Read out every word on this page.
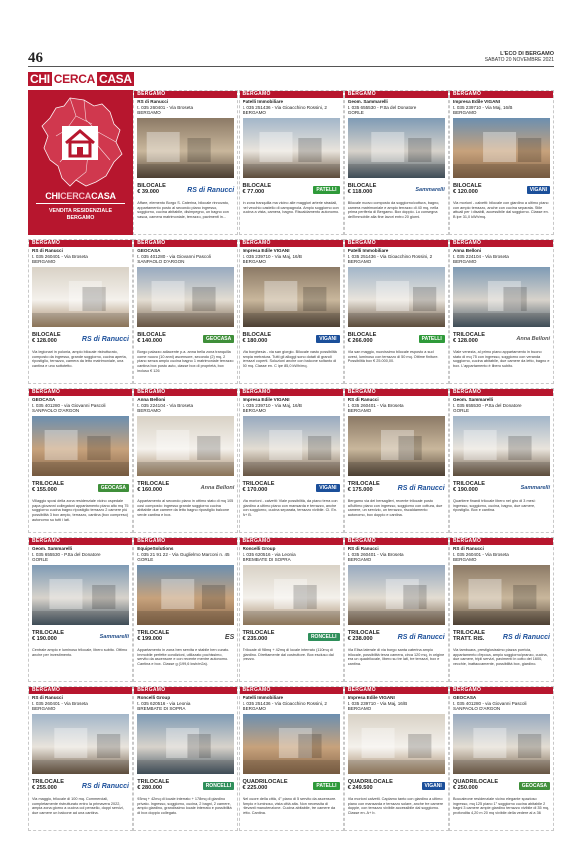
46	L'ECO DI BERGAMO
SABATO 20 NOVEMBRE 2021
CHI CERCA CASA
CHICERCACASA
VENDITA RESIDENZIALE
BERGAMO
BERGAMO
RS di Ranucci
t. 035 260401 - Via Broseta
BERGAMO
BILOCALE
€ 39.000	RS di Ranucci
Affare, elemento Borgo S. Caterina, bilocale rinnovato, appartamento posto al secondo piano ingresso, soggiorno, cucina abitabile, disimpegno, un bagno con vasca, camera matrimoniale, terrazzo, pavimenti in...
BERGAMO
Patelli Immobiliare
t. 035 251436 - Via Gioacchino Rossini, 2
BERGAMO
BILOCALE
€ 77.000	PATELLI
In zona tranquilla ma vicino alle maggiori arterie stradali, nel vecchio castello di campagnola. Ampio soggiorno con cucina a vista, camera, bagno. Riscaldamento autonomo.
BERGAMO
Geom. Sammarelli
t. 035 655530 - P.tta del Donatore
GORLE
BILOCALE
€ 118.000	Sammarelli
Bilocale nuovo composto da soggiorno/cottura, bagno, camera matrimoniale e ampio terrazzo di 40 mq, nella prima periferia di Bergamo. Box doppio. Lo consegna dell'immobile alla fine lavori entro 20 giorni.
BERGAMO
Impresa Edile VIGANI
t. 035 239710 - Via Maj, 16/B
BERGAMO
BILOCALE
€ 120.000	VIGANI
Via morioni - calvetti: bilocale con giardino a ultimo piano con ampio terrazzo, anche con cucina separata. Stile attuali per i disabili, accessibile dal soggiorno. Classe en. B ipe 31,0 kWh/mq.
BERGAMO
RS di Ranucci
t. 035 260401 - Via Broseta
BERGAMO
BILOCALE
€ 128.000	RS di Ranucci
Via legionari in polonia, ampio bilocale ristrutturato, composto da ingresso, grande soggiorno, cucina aperta, ripostiglio, terrazzo, camera da letto matrimoniale, una cantina e uno sottotetto.
BERGAMO
GEOCASA
t. 035 401280 - via Giovanni Pascoli
SANPAOLO D'ARGON
BILOCALE
€ 140.000	GEOCASA
Borgo palazzo adiacente p.a. anna bella zona tranquilla come nuovo (10 anni) ascensore, secondo (2) mq, 2 piano senza ampio cucina bagno 1 matrimoniale terrazzo cantina box posto auto, classe box di proprietà, box incluso € 126
BERGAMO
Impresa Edile VIGANI
t. 035 239710 - Via Maj, 16/B
BERGAMO
BILOCALE
€ 180.000	VIGANI
Via borghesia - via san giorgio. Bilocale vasto possibilità ampia metratura. Tutti gli alloggi sono dotati di grandi terrazzi coperti. Soluzioni anche con balcone soltanto di 50 mq. Classe en. C ipe 85,0 kWh/mq.
BERGAMO
Patelli Immobiliare
t. 035 251436 - Via Gioacchino Rossini, 2
BERGAMO
BILOCALE
€ 266.000	PATELLI
Via san maggio, nuovissimo bilocale esposto a sud ovest, luminoso con terrazzo di 50 mq. Ottime finiture. Possibilità box € 25.000,00.
BERGAMO
Anna Belloni
t. 035 224104 - Via Broseta
BERGAMO
TRILOCALE
€ 128.000	Anna Belloni
Viale venezia, al primo piano appartamento in buono stato di mq 75 con ingresso, soggiorno con veranda soggiorno, cucina abitabile, due camere da letto, bagno e box. L'appartamento è libero subito.
BERGAMO
GEOCASA
t. 035 401280 - via Giovanni Pascoli
SANPAOLO D'ARGON
TRILOCALE
€ 155.000	GEOCASA
Villaggio sposi della zona residenziale vicino ospedale papa giovanni collegatoni appartamento piano alto mq 75 soggiorno cucina bagno ripostiglio terrazzo 2 camere più possibilità 3 box ampio, terrazzo, cantina (box compreso) autonomo su tutti i lati.
BERGAMO
Anna Belloni
t. 035 224104 - Via Broseta
BERGAMO
TRILOCALE
€ 160.000	Anna Belloni
Appartamento al secondo piano in ottimo stato di mq 105 così composto: ingresso grande soggiorno cucina abitabile due camere da letto bagno ripostiglio balcone verde cantina e box.
BERGAMO
Impresa Edile VIGANI
t. 035 239710 - Via Maj, 16/B
BERGAMO
TRILOCALE
€ 170.000	VIGANI
Via morioni - calvetti: Viale possibilità, da piano terra con giardino a ultimo piano con mansarda e terrazzo, anche con soggiorno, cucina separata, terrazzo vivibile. Cl. En. A+ B.
BERGAMO
RS di Ranucci
t. 035 260401 - Via Broseta
BERGAMO
TRILOCALE
€ 175.000	RS di Ranucci
Bergamo via dei bersaglieri, recente trilocale posto all'ultimo piano con ingresso, soggiorno con cottura, due camere, un servizio, un terrazzo, riscaldamento autonomo, box doppio e cantina.
BERGAMO
Geom. Sammarelli
t. 035 655530 - P.tta del Donatore
GORLE
TRILOCALE
€ 190.000	Sammarelli
Quartiere finardi trilocale libero nel giro di 3 mesi: ingresso, soggiorno, cucina, bagno, due camere, ripostiglio. Box e cantina.
BERGAMO
Geom. Sammarelli
t. 035 655530 - P.tta del Donatore
GORLE
TRILOCALE
€ 190.000	Sammarelli
Centrale ampio e luminoso trilocale, libero subito. Ottimo anche per investimento.
BERGAMO
EquipeSolutions
t. 035 21 91 22 - Via Guglielmo Marconi n. 45
GORLE
TRILOCALE
€ 199.000	ES
Appartamento in zona ben servita e stabile ben curato. Immobile perfette condizioni, utilizzato pochissimo, servito da ascensore e con recente mentre autonomo. Cantina e box. Classe g (199,6 kwh/m2a).
BERGAMO
Roncelli Group
t. 035 620516 - via Leonia
BREMBATE DI SOPRA
TRILOCALE
€ 235.000	RONCELLI
Trilocale di 98mq + 42mq di locale interrato (110mq di giardino. Direttamente dal costruttore. Box escluso dal prezzo.
BERGAMO
RS di Ranucci
t. 035 260401 - Via Broseta
BERGAMO
TRILOCALE
€ 238.000	RS di Ranucci
Via Elisa laterale di via borgo santa caterina ampio trilocale, possibilità terza camera, circa 120 mq, in origine era un quadrilocale, libero su tre lati, tre terrazzi, box e cantina.
BERGAMO
RS di Ranucci
t. 035 260401 - Via Broseta
BERGAMO
TRILOCALE
TRATT. RIS.	RS di Ranucci
Via tambuara, prestigiosissimo piazza porricia, appartamento d'epoca, ampio soggiorno/pranzo, cucina, due camere, tripli servizi, pavimenti in cotto del 1600, vecchie, inattaccamente, possibilità box, giardino.
BERGAMO
RS di Ranucci
t. 035 260401 - Via Broseta
BERGAMO
TRILOCALE
€ 255.000	RS di Ranucci
Via maggio, trilocale di 100 mq. Commerciali, completamente ristrutturato entro la primavera 2022, ampia zona giorno a cucina col pensello, doppi servizi, due camere un balcone ad una cantina.
BERGAMO
Roncelli Group
t. 035 620516 - via Leonia
BREMBATE DI SOPRA
TRILOCALE
€ 280.000	RONCELLI
93mq + 42mq di locale interrato + 178mq di giardino privato. Ingresso, soggiorno, cucina, 2 bagni, 2 camere, ampio giardino, grandissimo locale interrato e possibilità di box doppio collegato.
BERGAMO
Patelli Immobiliare
t. 035 251436 - Via Gioacchino Rossini, 2
BERGAMO
QUADRILOCALE
€ 225.000	PATELLI
Nel cuore della città, 4° piano di 5 servito da ascensore. Ampio e luminoso, vista città alta. Non necessita di rilevanti manutenzione. Cucina abitabile, tre camere da letto. Cantina.
BERGAMO
Impresa Edile VIGANI
t. 035 239710 - Via Maj, 16/B
BERGAMO
QUADRILOCALE
€ 249.500	VIGANI
Via morioni calvetti. Capiamo tanto con giardino a ultimo piano con mansarda e terrazzo solare, anche tre camere doppie, con terrazzo vivibile accessibile dal soggiorno. Classe en. A+ b.
BERGAMO
GEOCASA
t. 035 401280 - via Giovanni Pascoli
SANPAOLO D'ARGON
QUADRILOCALE
€ 250.000	GEOCASA
Boccaleone residenziale vicino elegante spazioso ingresso, mq 125 piano 1° soggiorno cucina abitabile 2 bagni 3 camere ampie giardino terrazzo vivibile di 35 mq, profondita 4,20 m 20 mq vivibile della vedere al a 36
